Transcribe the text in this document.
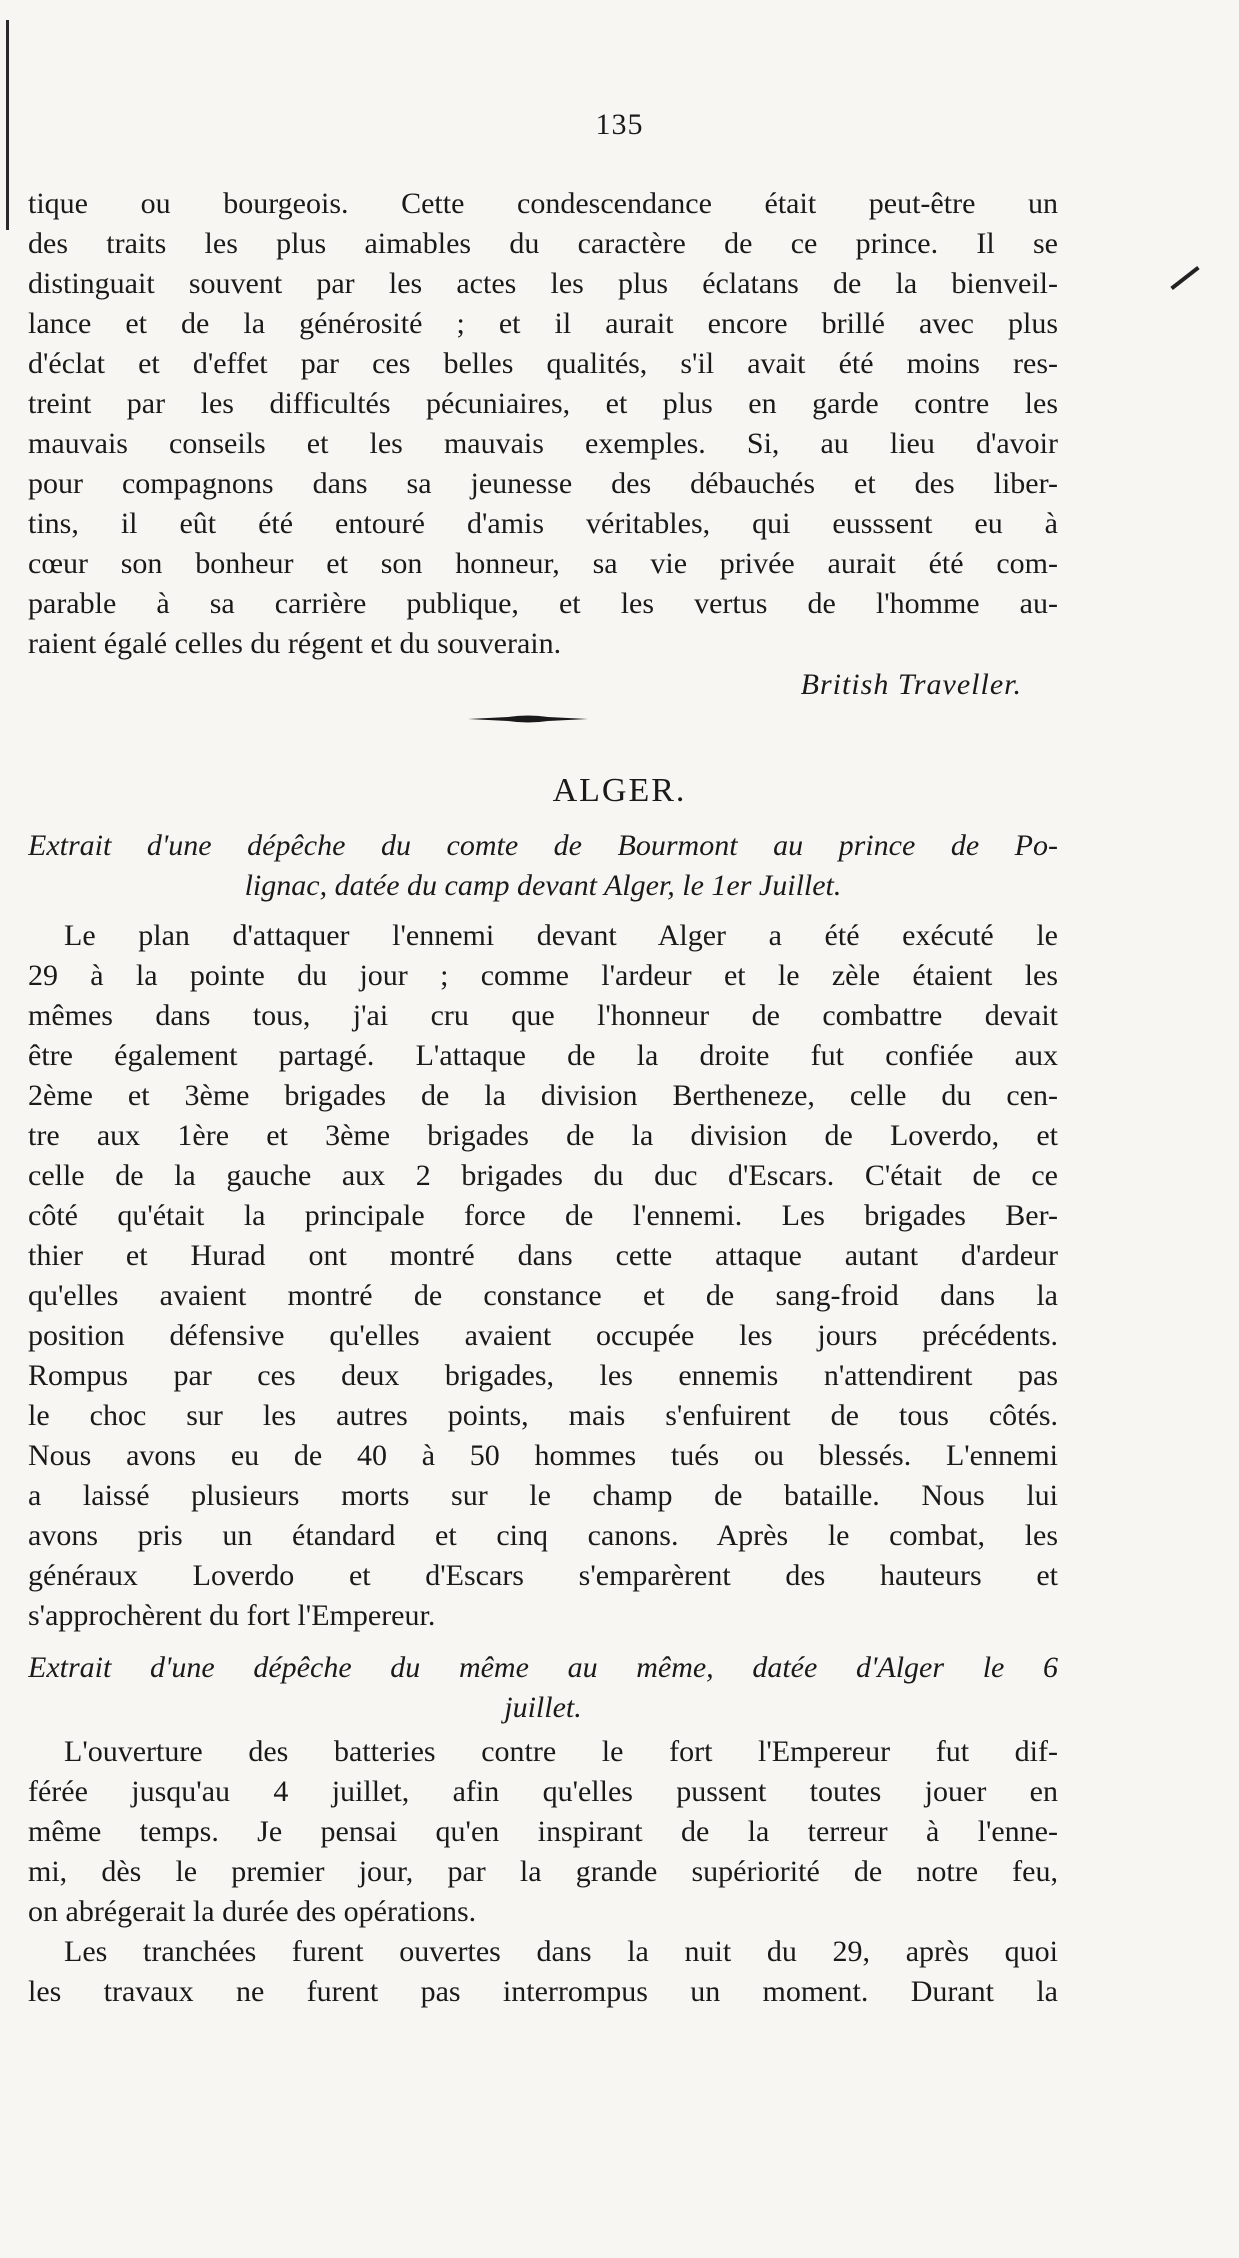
135
tique ou bourgeois. Cette condescendance était peut-être un
des traits les plus aimables du caractère de ce prince. Il se
distinguait souvent par les actes les plus éclatans de la bienveil-
lance et de la générosité ; et il aurait encore brillé avec plus
d'éclat et d'effet par ces belles qualités, s'il avait été moins res-
treint par les difficultés pécuniaires, et plus en garde contre les
mauvais conseils et les mauvais exemples. Si, au lieu d'avoir
pour compagnons dans sa jeunesse des débauchés et des liber-
tins, il eût été entouré d'amis véritables, qui eusssent eu à
cœur son bonheur et son honneur, sa vie privée aurait été com-
parable à sa carrière publique, et les vertus de l'homme au-
raient égalé celles du régent et du souverain.
British Traveller.
ALGER.
Extrait d'une dépêche du comte de Bourmont au prince de Po-
lignac, datée du camp devant Alger, le 1er Juillet.
Le plan d'attaquer l'ennemi devant Alger a été exécuté le
29 à la pointe du jour ; comme l'ardeur et le zèle étaient les
mêmes dans tous, j'ai cru que l'honneur de combattre devait
être également partagé. L'attaque de la droite fut confiée aux
2ème et 3ème brigades de la division Bertheneze, celle du cen-
tre aux 1ère et 3ème brigades de la division de Loverdo, et
celle de la gauche aux 2 brigades du duc d'Escars. C'était de ce
côté qu'était la principale force de l'ennemi. Les brigades Ber-
thier et Hurad ont montré dans cette attaque autant d'ardeur
qu'elles avaient montré de constance et de sang-froid dans la
position défensive qu'elles avaient occupée les jours précédents.
Rompus par ces deux brigades, les ennemis n'attendirent pas
le choc sur les autres points, mais s'enfuirent de tous côtés.
Nous avons eu de 40 à 50 hommes tués ou blessés. L'ennemi
a laissé plusieurs morts sur le champ de bataille. Nous lui
avons pris un étandard et cinq canons. Après le combat, les
généraux Loverdo et d'Escars s'emparèrent des hauteurs et
s'approchèrent du fort l'Empereur.
Extrait d'une dépêche du même au même, datée d'Alger le 6
juillet.
L'ouverture des batteries contre le fort l'Empereur fut dif-
férée jusqu'au 4 juillet, afin qu'elles pussent toutes jouer en
même temps. Je pensai qu'en inspirant de la terreur à l'enne-
mi, dès le premier jour, par la grande supériorité de notre feu,
on abrégerait la durée des opérations.
Les tranchées furent ouvertes dans la nuit du 29, après quoi
les travaux ne furent pas interrompus un moment. Durant la
